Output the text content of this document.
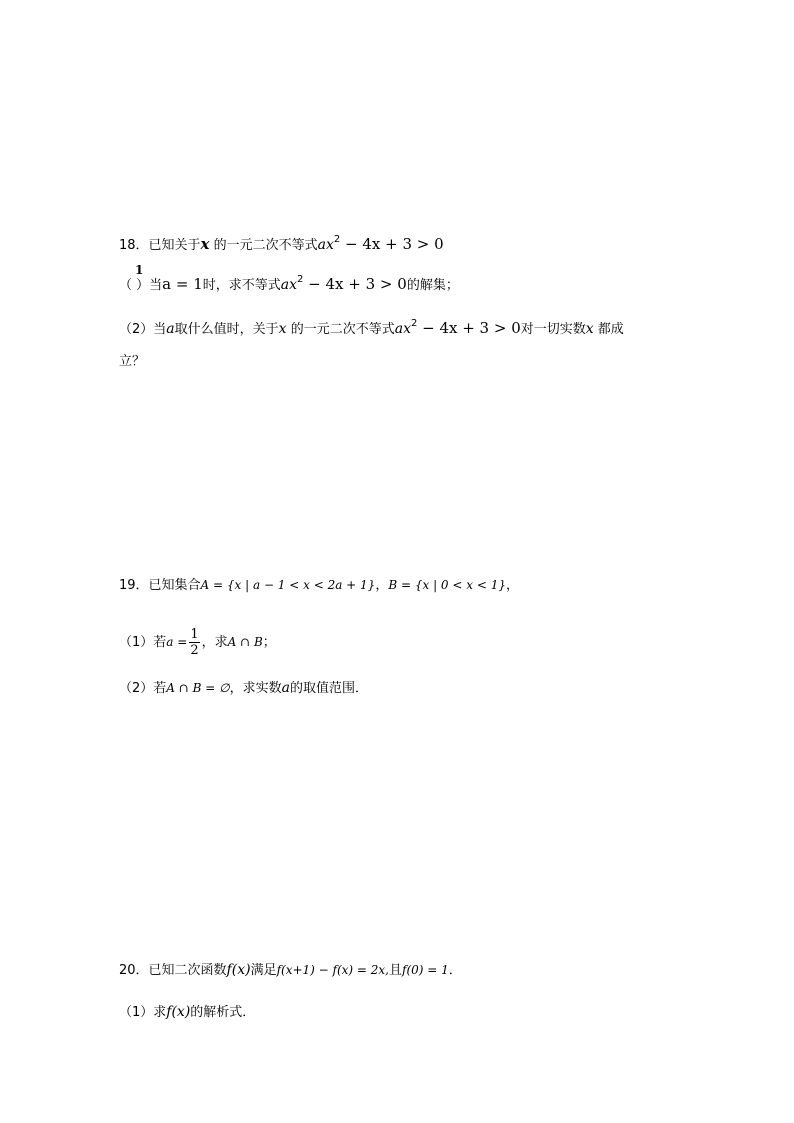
18．已知关于x 的一元二次不等式$ax^2 - 4x + 3 > 0$
1
（ ）当a = 1时，求不等式$ax^2 - 4x + 3 > 0$的解集；
（2）当a取什么值时，关于x 的一元二次不等式$ax^2 - 4x + 3 > 0$对一切实数x 都成
立？
19．已知集合A = {x | a − 1 < x < 2a + 1}，B = {x | 0 < x < 1}，
（1）若$a = \frac{1}{2}$ ，求A ∩ B；
（2）若A ∩ B = ∅，求实数a的取值范围．
20．已知二次函数f(x)满足f(x+1) − f(x) = 2x,且f(0) = 1．
（1）求f(x)的解析式．
